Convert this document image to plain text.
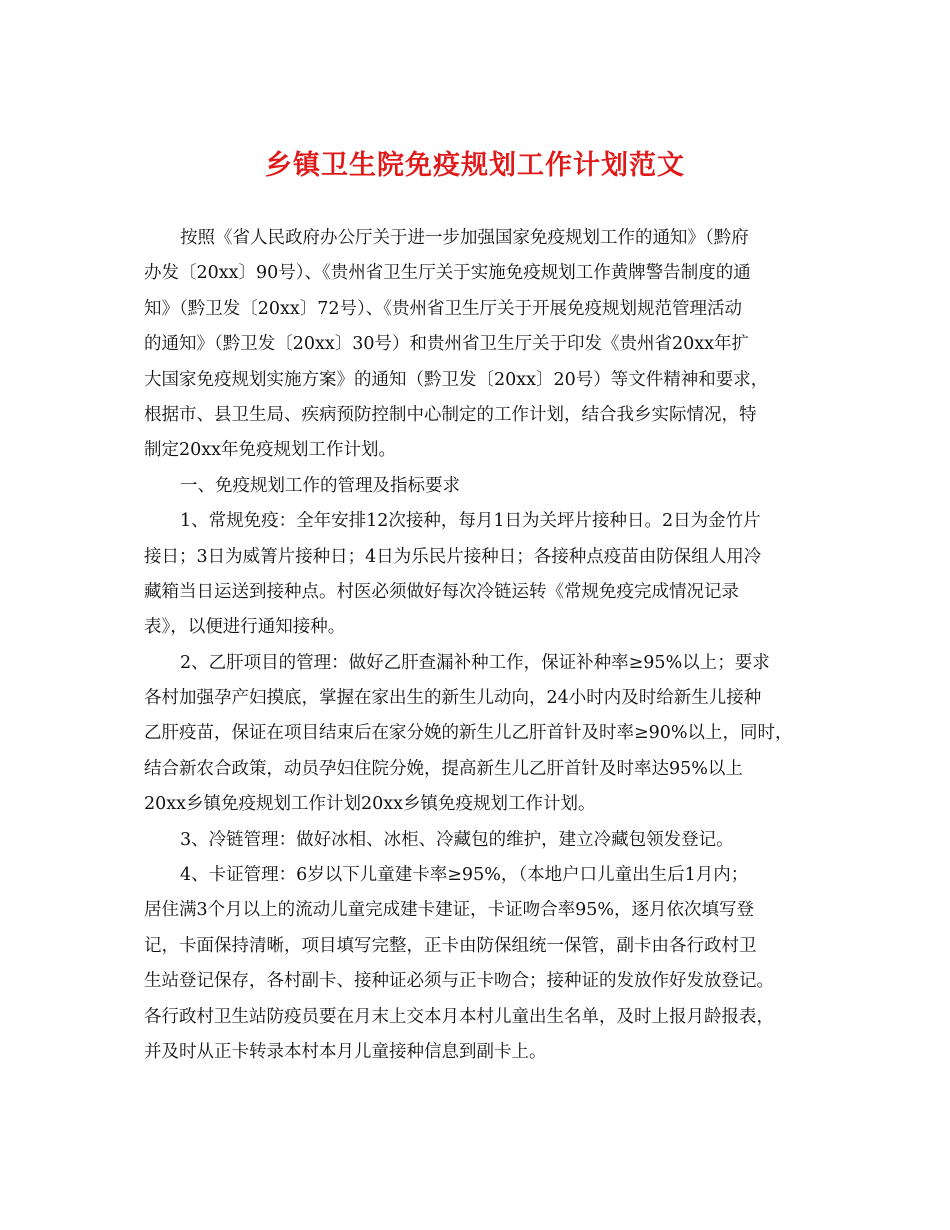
乡镇卫生院免疫规划工作计划范文
按照《省人民政府办公厅关于进一步加强国家免疫规划工作的通知》（黔府
办发〔20xx〕90号）、《贵州省卫生厅关于实施免疫规划工作黄牌警告制度的通
知》（黔卫发〔20xx〕72号）、《贵州省卫生厅关于开展免疫规划规范管理活动
的通知》（黔卫发〔20xx〕30号）和贵州省卫生厅关于印发《贵州省20xx年扩
大国家免疫规划实施方案》的通知（黔卫发〔20xx〕20号）等文件精神和要求，
根据市、县卫生局、疾病预防控制中心制定的工作计划，结合我乡实际情况，特
制定20xx年免疫规划工作计划。
一、免疫规划工作的管理及指标要求
1、常规免疫：全年安排12次接种，每月1日为关坪片接种日。2日为金竹片
接日；3日为威箐片接种日；4日为乐民片接种日；各接种点疫苗由防保组人用冷
藏箱当日运送到接种点。村医必须做好每次冷链运转《常规免疫完成情况记录
表》，以便进行通知接种。
2、乙肝项目的管理：做好乙肝查漏补种工作，保证补种率≥95%以上；要求
各村加强孕产妇摸底，掌握在家出生的新生儿动向，24小时内及时给新生儿接种
乙肝疫苗，保证在项目结束后在家分娩的新生儿乙肝首针及时率≥90%以上，同时，
结合新农合政策，动员孕妇住院分娩，提高新生儿乙肝首针及时率达95%以上
20xx乡镇免疫规划工作计划20xx乡镇免疫规划工作计划。
3、冷链管理：做好冰相、冰柜、冷藏包的维护，建立冷藏包领发登记。
4、卡证管理：6岁以下儿童建卡率≥95%，（本地户口儿童出生后1月内；
居住满3个月以上的流动儿童完成建卡建证，卡证吻合率95%，逐月依次填写登
记，卡面保持清晰，项目填写完整，正卡由防保组统一保管，副卡由各行政村卫
生站登记保存，各村副卡、接种证必须与正卡吻合；接种证的发放作好发放登记。
各行政村卫生站防疫员要在月末上交本月本村儿童出生名单，及时上报月龄报表，
并及时从正卡转录本村本月儿童接种信息到副卡上。
